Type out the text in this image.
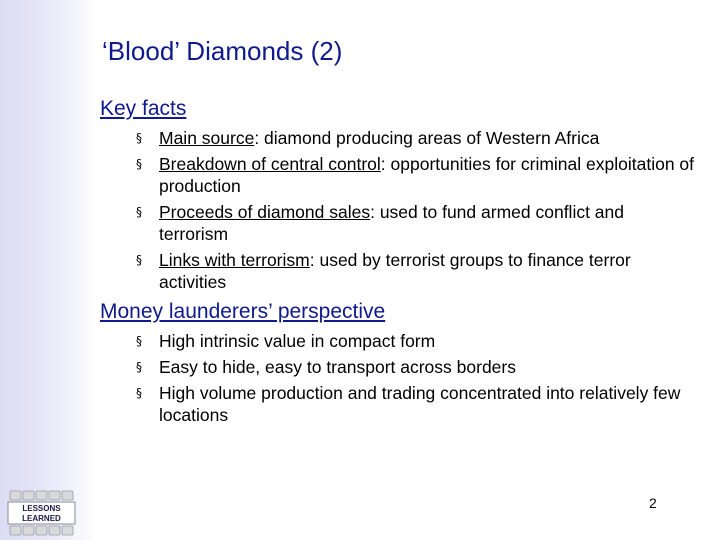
‘Blood’ Diamonds (2)
Key facts
§ Main source: diamond producing areas of Western Africa
§ Breakdown of central control: opportunities for criminal exploitation of production
§ Proceeds of diamond sales: used to fund armed conflict and terrorism
§ Links with terrorism: used by terrorist groups to finance terror activities
Money launderers’ perspective
§ High intrinsic value in compact form
§ Easy to hide, easy to transport across borders
§ High volume production and trading concentrated into relatively few locations
2
LESSONS
LEARNED
